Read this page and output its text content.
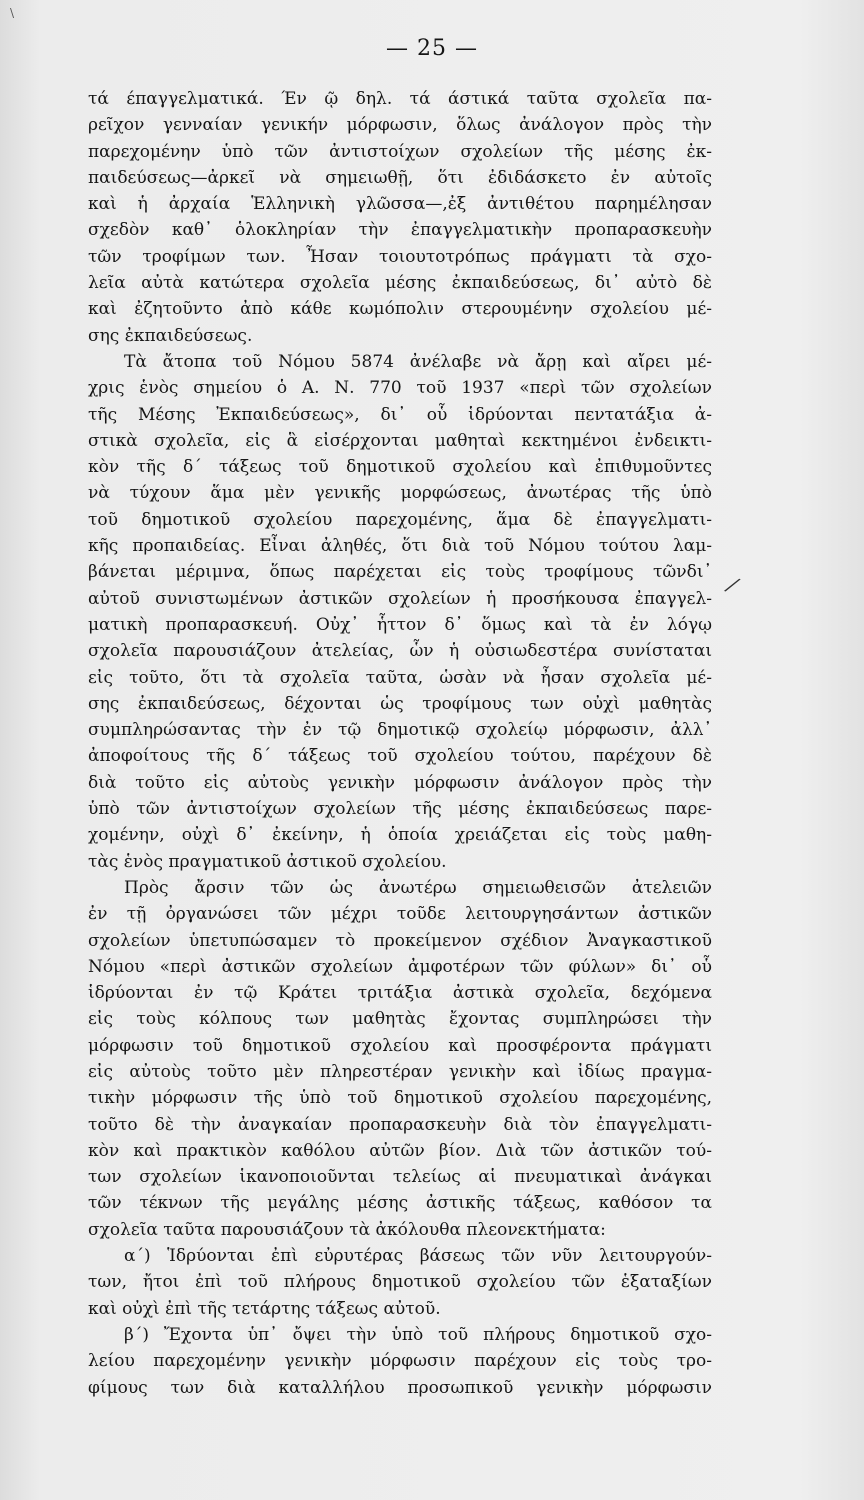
\
— 25 —
τά έπαγγελματικά. Έν ῷ δηλ. τά άστικά ταῦτα σχολεῖα πα-
ρεῖχον γενναίαν γενικήν μόρφωσιν, ὅλως ἀνάλογον πρὸς τὴν
παρεχομένην ὑπὸ τῶν ἀντιστοίχων σχολείων τῆς μέσης ἐκ-
παιδεύσεως—ἀρκεῖ νὰ σημειωθῇ, ὅτι ἐδιδάσκετο ἐν αὐτοῖς
καὶ ἡ ἀρχαία Ἑλληνικὴ γλῶσσα—,ἐξ ἀντιθέτου παρημέλησαν
σχεδὸν καθ᾽ ὁλοκληρίαν τὴν ἐπαγγελματικὴν προπαρασκευὴν
τῶν τροφίμων των. Ἦσαν τοιουτοτρόπως πράγματι τὰ σχο-
λεῖα αὐτὰ κατώτερα σχολεῖα μέσης ἐκπαιδεύσεως, δι᾽ αὐτὸ δὲ
καὶ ἐζητοῦντο ἀπὸ κάθε κωμόπολιν στερουμένην σχολείου μέ-
σης ἐκπαιδεύσεως.
Τὰ ἄτοπα τοῦ Νόμου 5874 ἀνέλαβε νὰ ἄρῃ καὶ αἴρει μέ-
χρις ἑνὸς σημείου ὁ Α. Ν. 770 τοῦ 1937 «περὶ τῶν σχολείων
τῆς Μέσης Ἐκπαιδεύσεως», δι᾽ οὗ ἱδρύονται πεντατάξια ἀ-
στικὰ σχολεῖα, εἰς ἃ εἰσέρχονται μαθηταὶ κεκτημένοι ἐνδεικτι-
κὸν τῆς δ´ τάξεως τοῦ δημοτικοῦ σχολείου καὶ ἐπιθυμοῦντες
νὰ τύχουν ἅμα μὲν γενικῆς μορφώσεως, ἀνωτέρας τῆς ὑπὸ
τοῦ δημοτικοῦ σχολείου παρεχομένης, ἅμα δὲ ἐπαγγελματι-
κῆς προπαιδείας. Εἶναι ἀληθές, ὅτι διὰ τοῦ Νόμου τούτου λαμ-
βάνεται μέριμνα, ὅπως παρέχεται εἰς τοὺς τροφίμους τῶνδι᾽
αὐτοῦ συνιστωμένων ἀστικῶν σχολείων ἡ προσήκουσα ἐπαγγελ-
ματικὴ προπαρασκευή. Οὐχ᾽ ἧττον δ᾽ ὅμως καὶ τὰ ἐν λόγῳ
σχολεῖα παρουσιάζουν ἀτελείας, ὧν ἡ οὐσιωδεστέρα συνίσταται
εἰς τοῦτο, ὅτι τὰ σχολεῖα ταῦτα, ὡσὰν νὰ ἦσαν σχολεῖα μέ-
σης ἐκπαιδεύσεως, δέχονται ὡς τροφίμους των οὐχὶ μαθητὰς
συμπληρώσαντας τὴν ἐν τῷ δημοτικῷ σχολείῳ μόρφωσιν, ἀλλ᾽
ἀποφοίτους τῆς δ´ τάξεως τοῦ σχολείου τούτου, παρέχουν δὲ
διὰ τοῦτο εἰς αὐτοὺς γενικὴν μόρφωσιν ἀνάλογον πρὸς τὴν
ὑπὸ τῶν ἀντιστοίχων σχολείων τῆς μέσης ἐκπαιδεύσεως παρε-
χομένην, οὐχὶ δ᾽ ἐκείνην, ἡ ὁποία χρειάζεται εἰς τοὺς μαθη-
τὰς ἑνὸς πραγματικοῦ ἀστικοῦ σχολείου.
Πρὸς ἄρσιν τῶν ὡς ἀνωτέρω σημειωθεισῶν ἀτελειῶν
ἐν τῇ ὀργανώσει τῶν μέχρι τοῦδε λειτουργησάντων ἀστικῶν
σχολείων ὑπετυπώσαμεν τὸ προκείμενον σχέδιον Ἀναγκαστικοῦ
Νόμου «περὶ ἀστικῶν σχολείων ἀμφοτέρων τῶν φύλων» δι᾽ οὗ
ἱδρύονται ἐν τῷ Κράτει τριτάξια ἀστικὰ σχολεῖα, δεχόμενα
εἰς τοὺς κόλπους των μαθητὰς ἔχοντας συμπληρώσει τὴν
μόρφωσιν τοῦ δημοτικοῦ σχολείου καὶ προσφέροντα πράγματι
εἰς αὐτοὺς τοῦτο μὲν πληρεστέραν γενικὴν καὶ ἰδίως πραγμα-
τικὴν μόρφωσιν τῆς ὑπὸ τοῦ δημοτικοῦ σχολείου παρεχομένης,
τοῦτο δὲ τὴν ἀναγκαίαν προπαρασκευὴν διὰ τὸν ἐπαγγελματι-
κὸν καὶ πρακτικὸν καθόλου αὐτῶν βίον. Διὰ τῶν ἀστικῶν τού-
των σχολείων ἱκανοποιοῦνται τελείως αἱ πνευματικαὶ ἀνάγκαι
τῶν τέκνων τῆς μεγάλης μέσης ἀστικῆς τάξεως, καθόσον τα
σχολεῖα ταῦτα παρουσιάζουν τὰ ἀκόλουθα πλεονεκτήματα:
α´) Ἱδρύονται ἐπὶ εὐρυτέρας βάσεως τῶν νῦν λειτουργούν-
των, ἤτοι ἐπὶ τοῦ πλήρους δημοτικοῦ σχολείου τῶν ἑξαταξίων
καὶ οὐχὶ ἐπὶ τῆς τετάρτης τάξεως αὐτοῦ.
β´) Ἔχοντα ὑπ᾽ ὄψει τὴν ὑπὸ τοῦ πλήρους δημοτικοῦ σχο-
λείου παρεχομένην γενικὴν μόρφωσιν παρέχουν εἰς τοὺς τρο-
φίμους των διὰ καταλλήλου προσωπικοῦ γενικὴν μόρφωσιν
⁄
